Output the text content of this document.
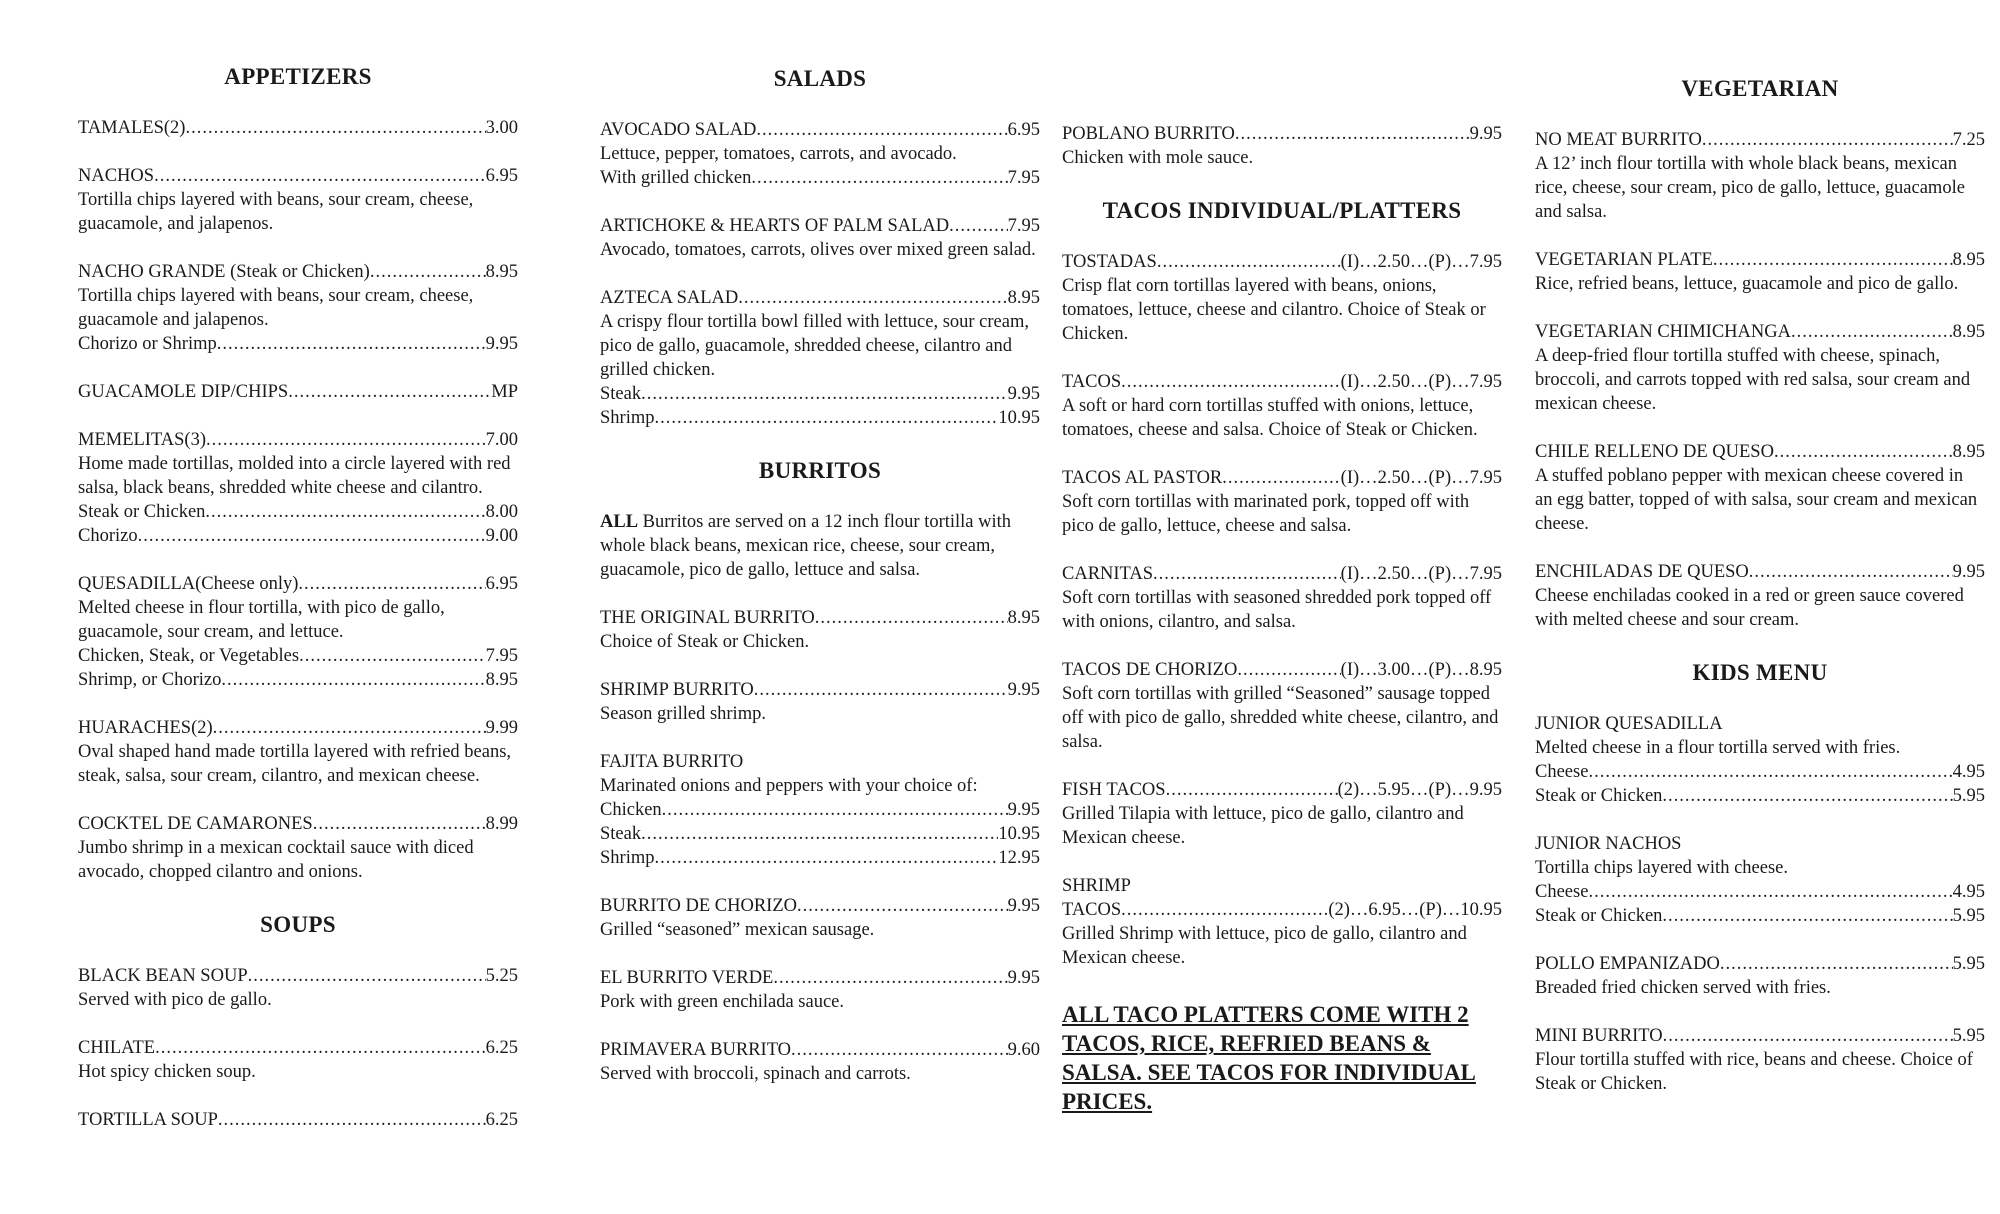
APPETIZERS
TAMALES(2) .....	3.00
NACHOS .....	6.95
Tortilla chips layered with beans, sour cream, cheese, guacamole, and jalapenos.
NACHO GRANDE (Steak or Chicken) .....	8.95
Tortilla chips layered with beans, sour cream, cheese, guacamole and jalapenos.
Chorizo or Shrimp .....	9.95
GUACAMOLE DIP/CHIPS .....	MP
MEMELITAS(3) .....	7.00
Home made tortillas, molded into a circle layered with red salsa, black beans, shredded white cheese and cilantro.
Steak or Chicken .....	8.00
Chorizo .....	9.00
QUESADILLA(Cheese only) .....	6.95
Melted cheese in flour tortilla, with pico de gallo, guacamole, sour cream, and lettuce.
Chicken, Steak, or Vegetables .....	7.95
Shrimp, or Chorizo .....	8.95
HUARACHES(2) .....	9.99
Oval shaped hand made tortilla layered with refried beans, steak, salsa, sour cream, cilantro, and mexican cheese.
COCKTEL DE CAMARONES .....	8.99
Jumbo shrimp in a mexican cocktail sauce with diced avocado, chopped cilantro and onions.
SOUPS
BLACK BEAN SOUP .....	5.25
Served with pico de gallo.
CHILATE .....	6.25
Hot spicy chicken soup.
TORTILLA SOUP .....	6.25
SALADS
AVOCADO SALAD .....	6.95
Lettuce, pepper, tomatoes, carrots, and avocado.
With grilled chicken .....	7.95
ARTICHOKE & HEARTS OF PALM SALAD .....	7.95
Avocado, tomatoes, carrots, olives over mixed green salad.
AZTECA SALAD .....	8.95
A crispy flour tortilla bowl filled with lettuce, sour cream, pico de gallo, guacamole, shredded cheese, cilantro and grilled chicken.
Steak .....	9.95
Shrimp .....	10.95
BURRITOS
ALL Burritos are served on a 12 inch flour tortilla with whole black beans, mexican rice, cheese, sour cream, guacamole, pico de gallo, lettuce and salsa.
THE ORIGINAL BURRITO .....	8.95
Choice of Steak or Chicken.
SHRIMP BURRITO .....	9.95
Season grilled shrimp.
FAJITA BURRITO
Marinated onions and peppers with your choice of:
Chicken .....	9.95
Steak .....	10.95
Shrimp .....	12.95
BURRITO DE CHORIZO .....	9.95
Grilled “seasoned” mexican sausage.
EL BURRITO VERDE .....	9.95
Pork with green enchilada sauce.
PRIMAVERA BURRITO .....	9.60
Served with broccoli, spinach and carrots.
POBLANO BURRITO .....	9.95
Chicken with mole sauce.
TACOS INDIVIDUAL/PLATTERS
TOSTADAS .....	(I)…2.50…(P)…7.95
Crisp flat corn tortillas layered with beans, onions, tomatoes, lettuce, cheese and cilantro. Choice of Steak or Chicken.
TACOS .....	(I)…2.50…(P)…7.95
A soft or hard corn tortillas stuffed with onions, lettuce, tomatoes, cheese and salsa. Choice of Steak or Chicken.
TACOS AL PASTOR .....	(I)…2.50…(P)…7.95
Soft corn tortillas with marinated pork, topped off with pico de gallo, lettuce, cheese and salsa.
CARNITAS .....	(I)…2.50…(P)…7.95
Soft corn tortillas with seasoned shredded pork topped off with onions, cilantro, and salsa.
TACOS DE CHORIZO .....	(I)…3.00…(P)…8.95
Soft corn tortillas with grilled “Seasoned” sausage topped off with pico de gallo, shredded white cheese, cilantro, and salsa.
FISH TACOS .....	(2)…5.95…(P)…9.95
Grilled Tilapia with lettuce, pico de gallo, cilantro and Mexican cheese.
SHRIMP
TACOS .....	(2)…6.95…(P)…10.95
Grilled Shrimp with lettuce, pico de gallo, cilantro and Mexican cheese.
ALL TACO PLATTERS COME WITH 2 TACOS, RICE, REFRIED BEANS & SALSA. SEE TACOS FOR INDIVIDUAL PRICES.
VEGETARIAN
NO MEAT BURRITO .....	7.25
A 12’ inch flour tortilla with whole black beans, mexican rice, cheese, sour cream, pico de gallo, lettuce, guacamole and salsa.
VEGETARIAN PLATE .....	8.95
Rice, refried beans, lettuce, guacamole and pico de gallo.
VEGETARIAN CHIMICHANGA .....	8.95
A deep-fried flour tortilla stuffed with cheese, spinach, broccoli, and carrots topped with red salsa, sour cream and mexican cheese.
CHILE RELLENO DE QUESO .....	8.95
A stuffed poblano pepper with mexican cheese covered in an egg batter, topped of with salsa, sour cream and mexican cheese.
ENCHILADAS DE QUESO .....	9.95
Cheese enchiladas cooked in a red or green sauce covered with melted cheese and sour cream.
KIDS MENU
JUNIOR QUESADILLA
Melted cheese in a flour tortilla served with fries.
Cheese .....	4.95
Steak or Chicken .....	5.95
JUNIOR NACHOS
Tortilla chips layered with cheese.
Cheese .....	4.95
Steak or Chicken .....	5.95
POLLO EMPANIZADO .....	5.95
Breaded fried chicken served with fries.
MINI BURRITO .....	5.95
Flour tortilla stuffed with rice, beans and cheese. Choice of Steak or Chicken.
